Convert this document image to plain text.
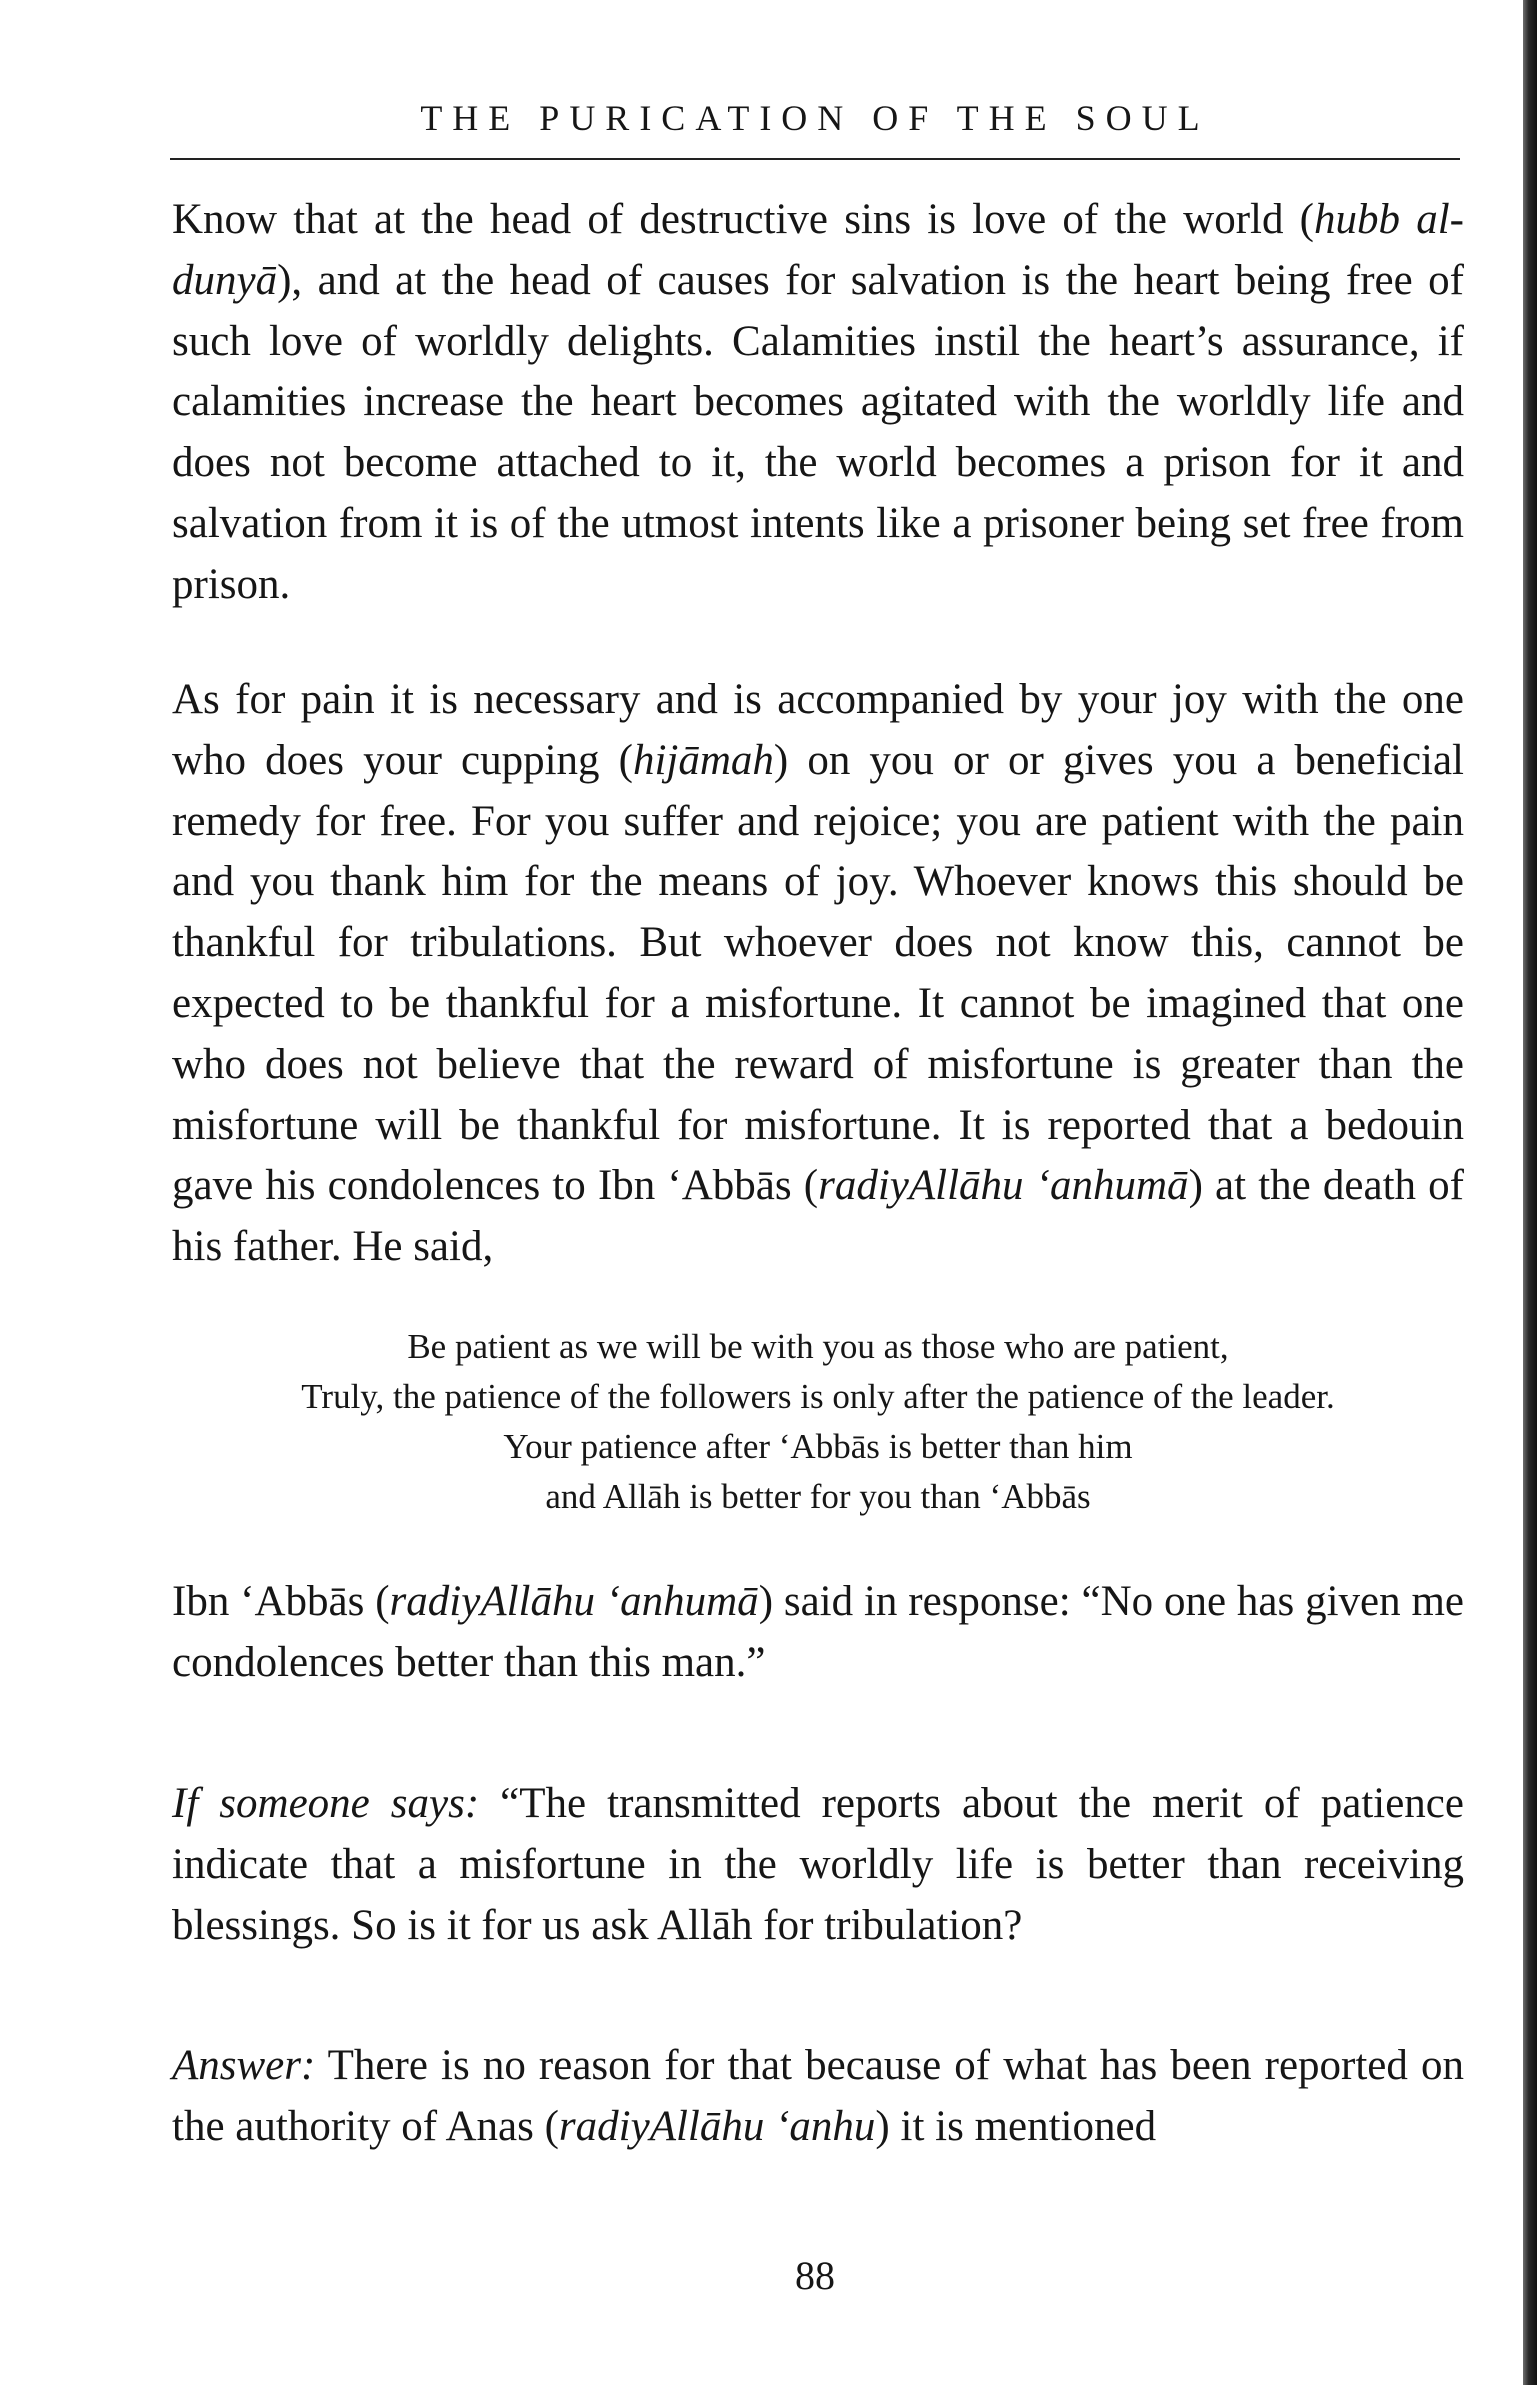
THE PURICATION OF THE SOUL

Know that at the head of destructive sins is love of the world (hubb al-dunyā), and at the head of causes for salvation is the heart being free of such love of worldly delights. Calamities instil the heart’s assurance, if calamities increase the heart becomes agitated with the worldly life and does not become attached to it, the world becomes a prison for it and salvation from it is of the utmost intents like a prisoner being set free from prison.

As for pain it is necessary and is accompanied by your joy with the one who does your cupping (hijāmah) on you or or gives you a beneficial remedy for free. For you suffer and rejoice; you are patient with the pain and you thank him for the means of joy. Whoever knows this should be thankful for tribulations. But whoever does not know this, cannot be expected to be thankful for a misfortune. It cannot be imagined that one who does not believe that the reward of misfortune is greater than the misfortune will be thankful for misfortune. It is reported that a bedouin gave his condolences to Ibn ‘Abbās (radiyAllāhu ‘anhumā) at the death of his father. He said,

Be patient as we will be with you as those who are patient,
Truly, the patience of the followers is only after the patience of the leader.
Your patience after ‘Abbās is better than him
and Allāh is better for you than ‘Abbās

Ibn ‘Abbās (radiyAllāhu ‘anhumā) said in response: “No one has given me condolences better than this man.”

If someone says: “The transmitted reports about the merit of patience indicate that a misfortune in the worldly life is better than receiving blessings. So is it for us ask Allāh for tribulation?

Answer: There is no reason for that because of what has been reported on the authority of Anas (radiyAllāhu ‘anhu) it is mentioned

88
